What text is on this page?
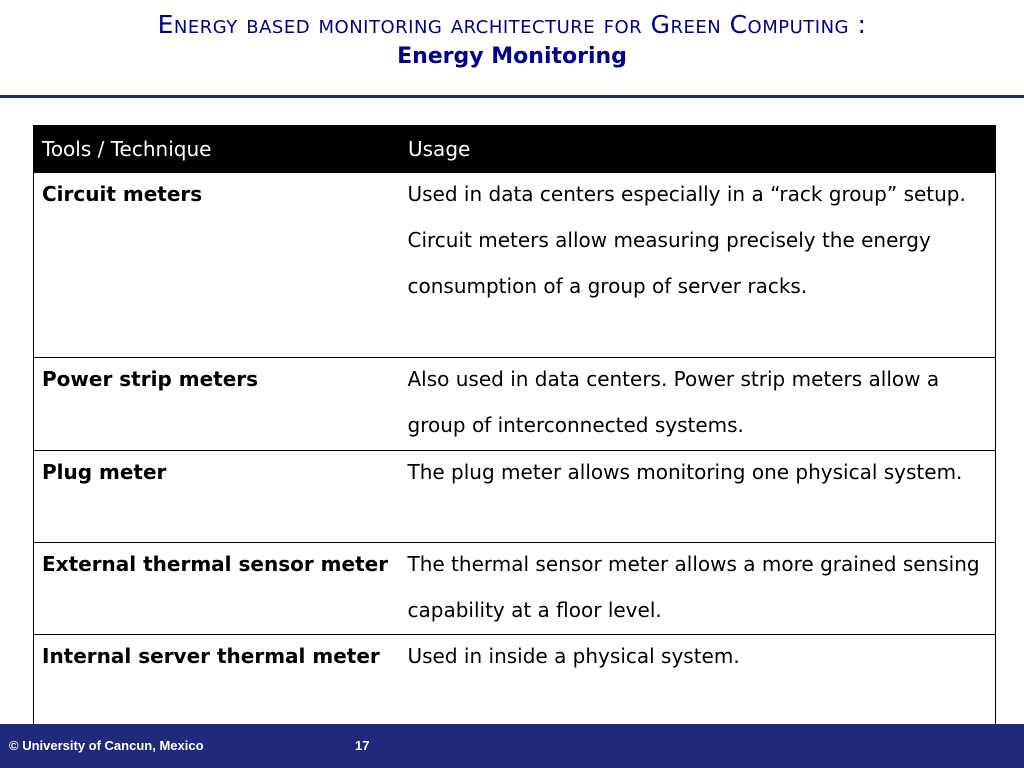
Energy based monitoring architecture for Green Computing :
Energy Monitoring
Tools / Technique	Usage

Circuit meters	Used in data centers especially in a “rack group” setup. Circuit meters allow measuring precisely the energy consumption of a group of server racks.

Power strip meters	Also used in data centers. Power strip meters allow a group of interconnected systems.

Plug meter	The plug meter allows monitoring one physical system.

External thermal sensor meter	The thermal sensor meter allows a more grained sensing capability at a floor level.

Internal server thermal meter	Used in inside a physical system.
© University of Cancun, Mexico	17
